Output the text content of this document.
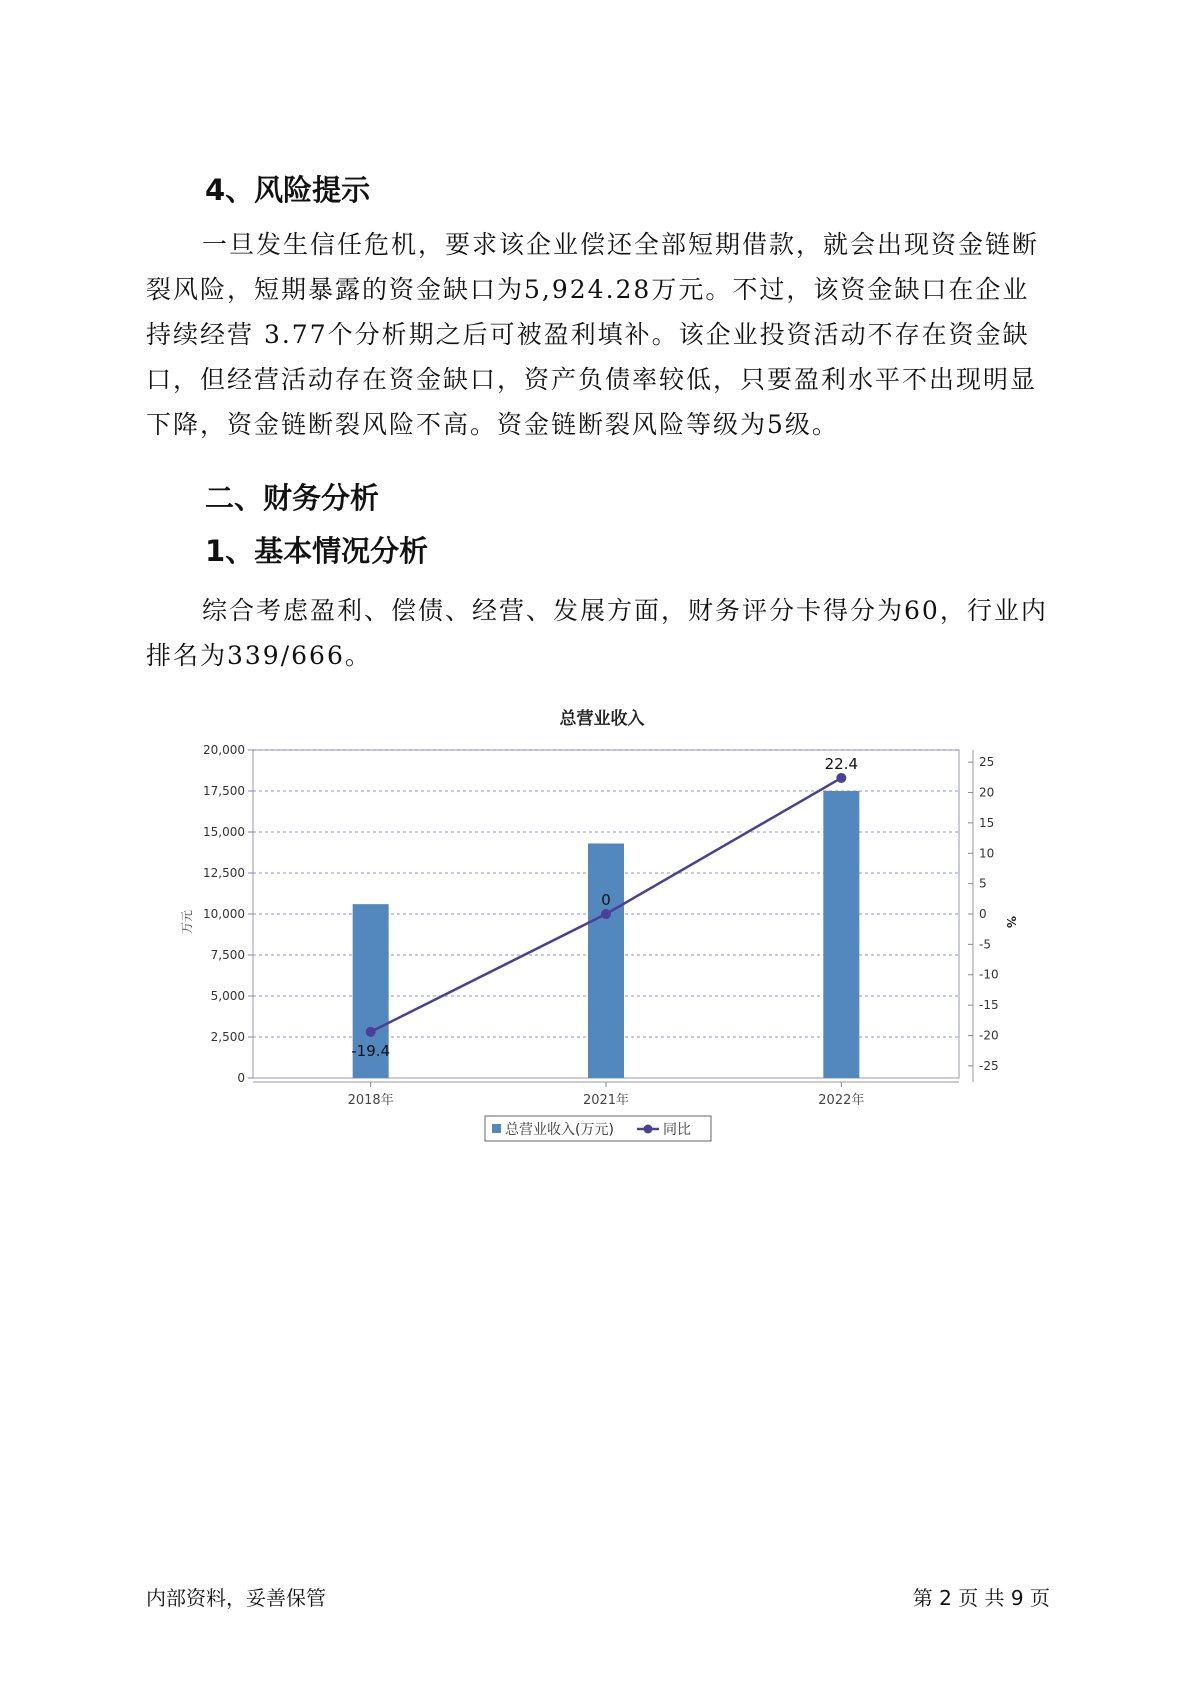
4、风险提示

一旦发生信任危机，要求该企业偿还全部短期借款，就会出现资金链断裂风险，短期暴露的资金缺口为5,924.28万元。不过，该资金缺口在企业持续经营 3.77个分析期之后可被盈利填补。该企业投资活动不存在资金缺口，但经营活动存在资金缺口，资产负债率较低，只要盈利水平不出现明显下降，资金链断裂风险不高。资金链断裂风险等级为5级。

二、财务分析
1、基本情况分析

综合考虑盈利、偿债、经营、发展方面，财务评分卡得分为60，行业内排名为339/666。

总营业收入
0
2,500
5,000
7,500
10,000
12,500
15,000
17,500
20,000
-25
-20
-15
-10
-5
0
5
10
15
20
25
-19.4
0
22.4
2018年	2021年	2022年
万元	%
总营业收入(万元)	同比
内部资料，妥善保管	第 2 页 共 9 页
